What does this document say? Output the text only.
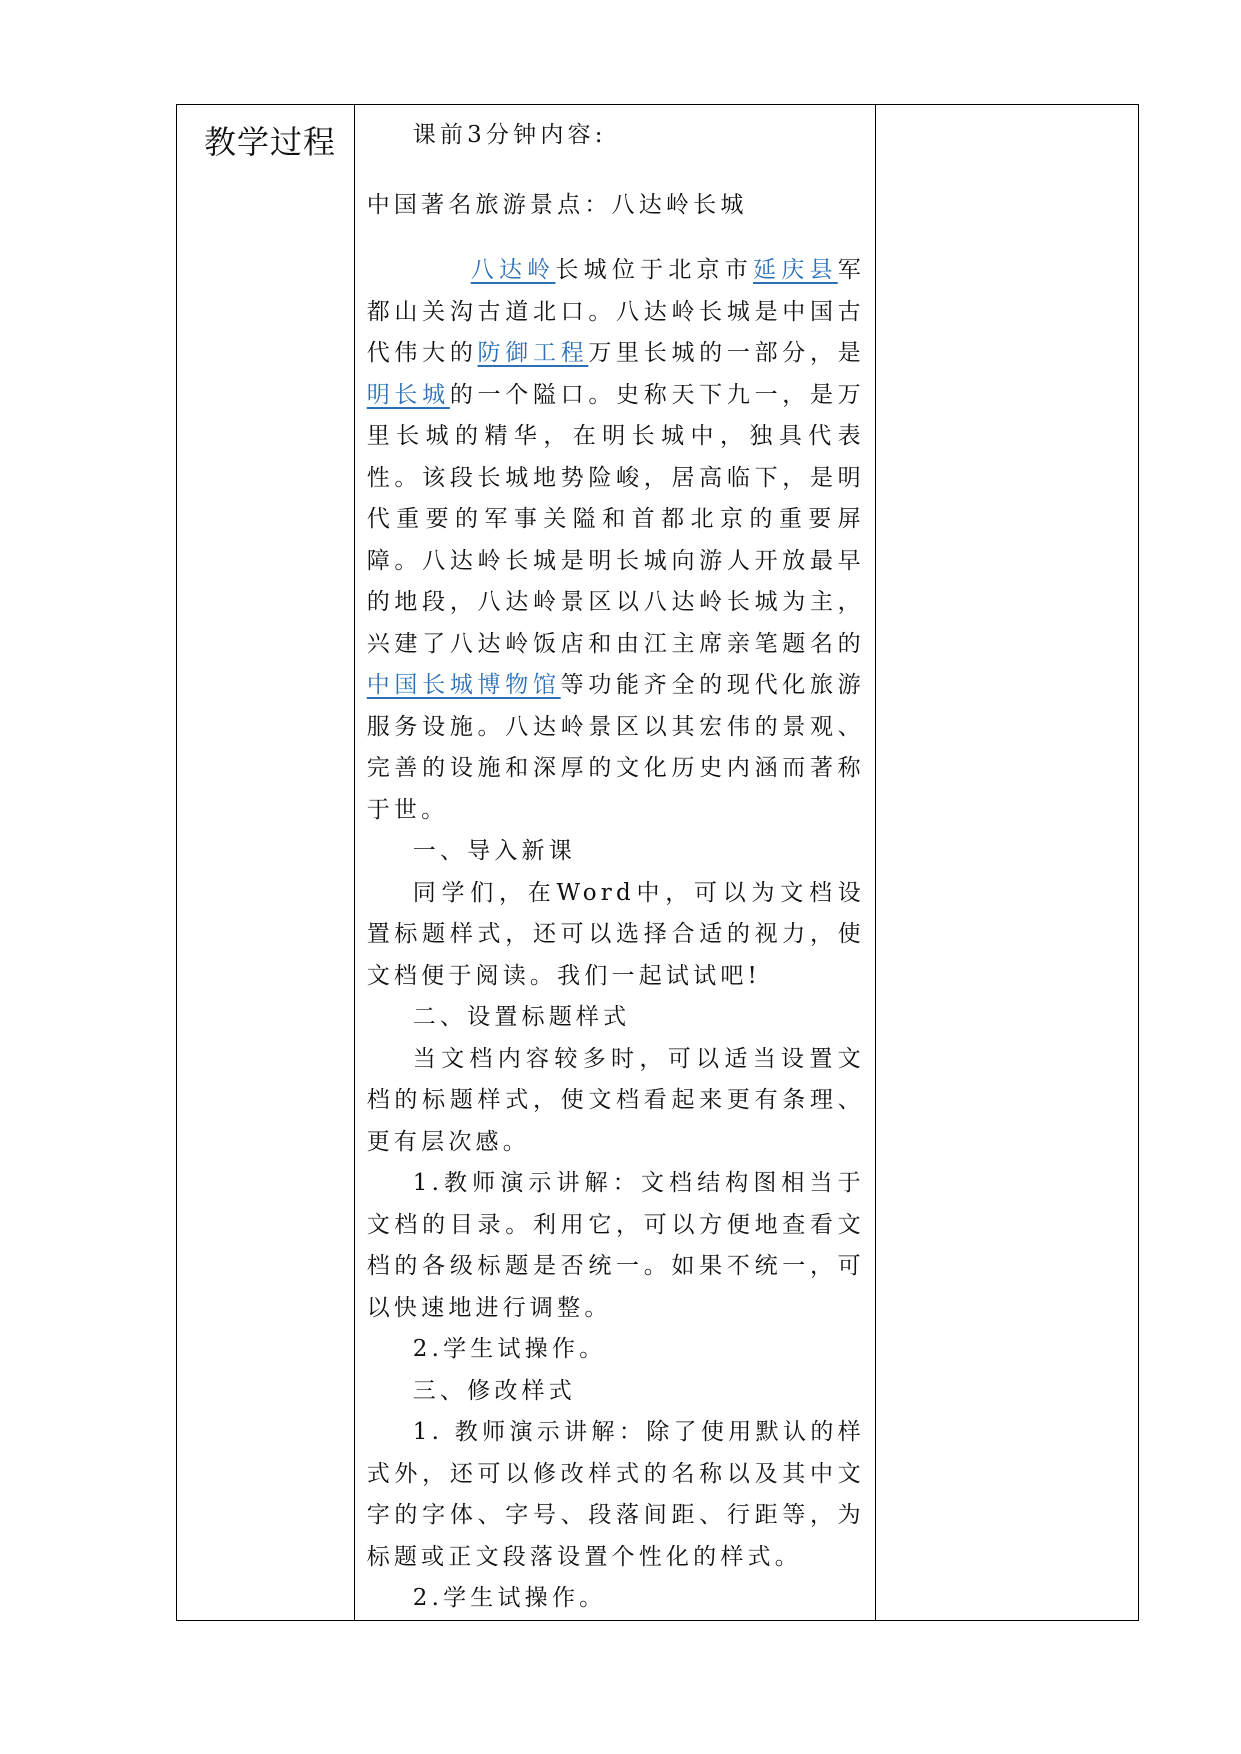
教学过程	课前3分钟内容:

中国著名旅游景点：八达岭长城

八达岭长城位于北京市延庆县军都山关沟古道北口。八达岭长城是中国古代伟大的防御工程万里长城的一部分，是明长城的一个隘口。史称天下九一，是万里长城的精华，在明长城中，独具代表性。该段长城地势险峻，居高临下，是明代重要的军事关隘和首都北京的重要屏障。八达岭长城是明长城向游人开放最早的地段，八达岭景区以八达岭长城为主，兴建了八达岭饭店和由江主席亲笔题名的中国长城博物馆等功能齐全的现代化旅游服务设施。八达岭景区以其宏伟的景观、完善的设施和深厚的文化历史内涵而著称于世。

一、导入新课

同学们，在Word中，可以为文档设置标题样式，还可以选择合适的视力，使文档便于阅读。我们一起试试吧!

二、设置标题样式

当文档内容较多时，可以适当设置文档的标题样式，使文档看起来更有条理、更有层次感。

1.教师演示讲解：文档结构图相当于文档的目录。利用它，可以方便地查看文档的各级标题是否统一。如果不统一，可以快速地进行调整。

2.学生试操作。

三、修改样式

1. 教师演示讲解：除了使用默认的样式外，还可以修改样式的名称以及其中文字的字体、字号、段落间距、行距等，为标题或正文段落设置个性化的样式。

2.学生试操作。
